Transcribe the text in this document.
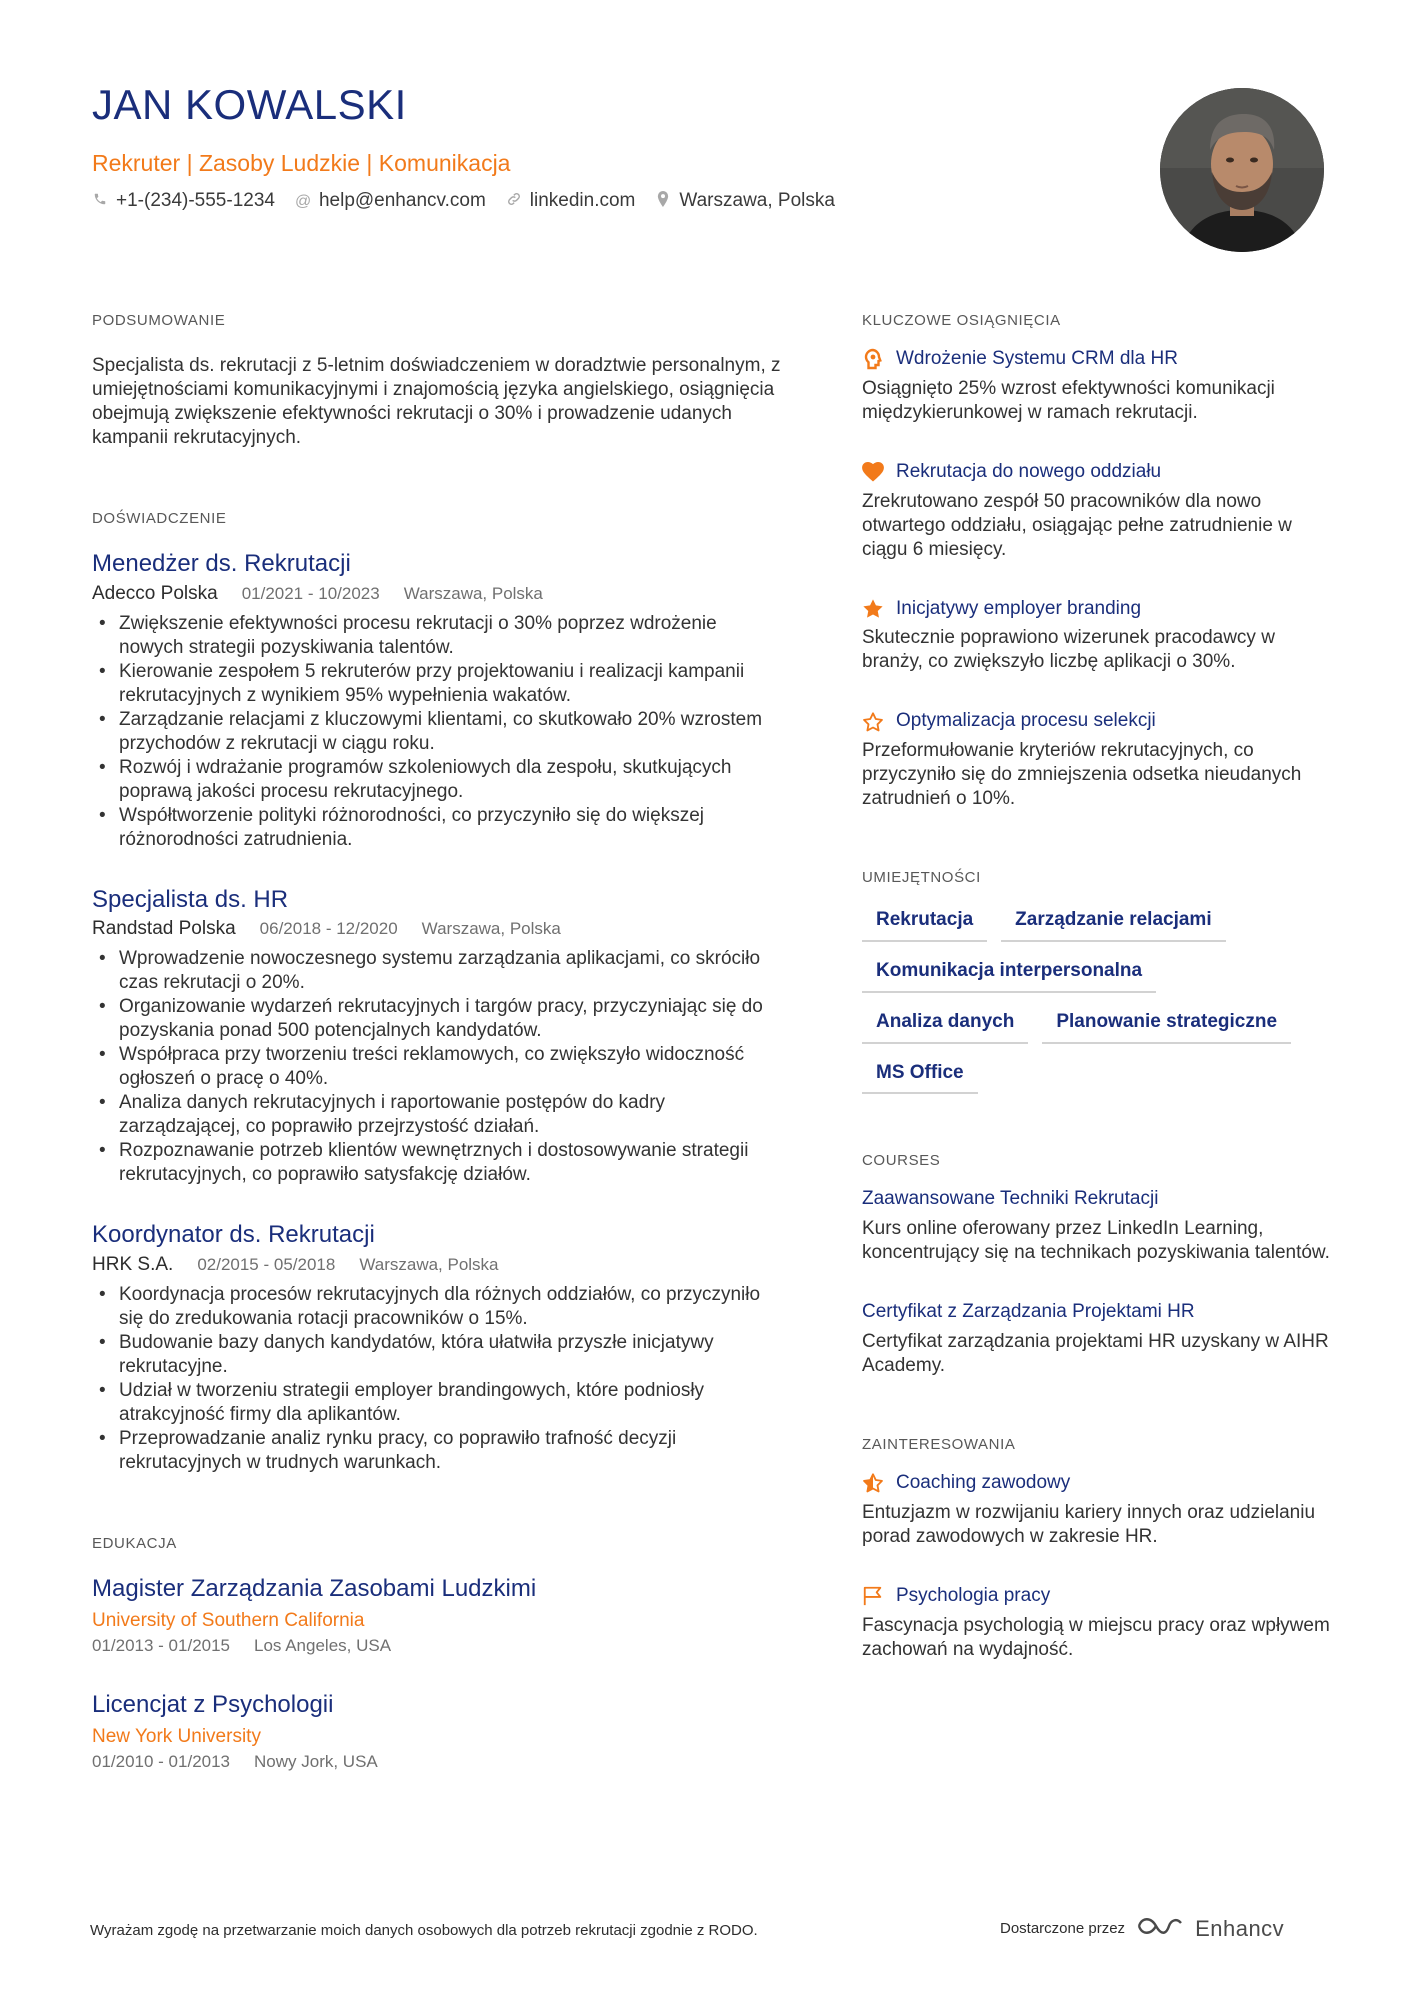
JAN KOWALSKI
Rekruter | Zasoby Ludzkie | Komunikacja
+1-(234)-555-1234 @ help@enhancv.com linkedin.com Warszawa, Polska
PODSUMOWANIE

Specjalista ds. rekrutacji z 5-letnim doświadczeniem w doradztwie personalnym, z umiejętnościami komunikacyjnymi i znajomością języka angielskiego, osiągnięcia obejmują zwiększenie efektywności rekrutacji o 30% i prowadzenie udanych kampanii rekrutacyjnych.

DOŚWIADCZENIE
Menedżer ds. Rekrutacji
Adecco Polska 01/2021 - 10/2023 Warszawa, Polska
• Zwiększenie efektywności procesu rekrutacji o 30% poprzez wdrożenie nowych strategii pozyskiwania talentów.
• Kierowanie zespołem 5 rekruterów przy projektowaniu i realizacji kampanii rekrutacyjnych z wynikiem 95% wypełnienia wakatów.
• Zarządzanie relacjami z kluczowymi klientami, co skutkowało 20% wzrostem przychodów z rekrutacji w ciągu roku.
• Rozwój i wdrażanie programów szkoleniowych dla zespołu, skutkujących poprawą jakości procesu rekrutacyjnego.
• Współtworzenie polityki różnorodności, co przyczyniło się do większej różnorodności zatrudnienia.
Specjalista ds. HR
Randstad Polska 06/2018 - 12/2020 Warszawa, Polska
• Wprowadzenie nowoczesnego systemu zarządzania aplikacjami, co skróciło czas rekrutacji o 20%.
• Organizowanie wydarzeń rekrutacyjnych i targów pracy, przyczyniając się do pozyskania ponad 500 potencjalnych kandydatów.
• Współpraca przy tworzeniu treści reklamowych, co zwiększyło widoczność ogłoszeń o pracę o 40%.
• Analiza danych rekrutacyjnych i raportowanie postępów do kadry zarządzającej, co poprawiło przejrzystość działań.
• Rozpoznawanie potrzeb klientów wewnętrznych i dostosowywanie strategii rekrutacyjnych, co poprawiło satysfakcję działów.
Koordynator ds. Rekrutacji
HRK S.A. 02/2015 - 05/2018 Warszawa, Polska
• Koordynacja procesów rekrutacyjnych dla różnych oddziałów, co przyczyniło się do zredukowania rotacji pracowników o 15%.
• Budowanie bazy danych kandydatów, która ułatwiła przyszłe inicjatywy rekrutacyjne.
• Udział w tworzeniu strategii employer brandingowych, które podniosły atrakcyjność firmy dla aplikantów.
• Przeprowadzanie analiz rynku pracy, co poprawiło trafność decyzji rekrutacyjnych w trudnych warunkach.
EDUKACJA
Magister Zarządzania Zasobami Ludzkimi
University of Southern California
01/2013 - 01/2015 Los Angeles, USA
Licencjat z Psychologii
New York University
01/2010 - 01/2013 Nowy Jork, USA
KLUCZOWE OSIĄGNIĘCIA
Wdrożenie Systemu CRM dla HR

Osiągnięto 25% wzrost efektywności komunikacji międzykierunkowej w ramach rekrutacji.

Rekrutacja do nowego oddziału

Zrekrutowano zespół 50 pracowników dla nowo otwartego oddziału, osiągając pełne zatrudnienie w ciągu 6 miesięcy.

Inicjatywy employer branding

Skutecznie poprawiono wizerunek pracodawcy w branży, co zwiększyło liczbę aplikacji o 30%.

Optymalizacja procesu selekcji

Przeformułowanie kryteriów rekrutacyjnych, co przyczyniło się do zmniejszenia odsetka nieudanych zatrudnień o 10%.

UMIEJĘTNOŚCI
Rekrutacja	Zarządzanie relacjami
Komunikacja interpersonalna
Analiza danych	Planowanie strategiczne
MS Office
COURSES
Zaawansowane Techniki Rekrutacji

Kurs online oferowany przez LinkedIn Learning, koncentrujący się na technikach pozyskiwania talentów.

Certyfikat z Zarządzania Projektami HR

Certyfikat zarządzania projektami HR uzyskany w AIHR Academy.

ZAINTERESOWANIA
Coaching zawodowy

Entuzjazm w rozwijaniu kariery innych oraz udzielaniu porad zawodowych w zakresie HR.

Psychologia pracy

Fascynacja psychologią w miejscu pracy oraz wpływem zachowań na wydajność.

Wyrażam zgodę na przetwarzanie moich danych osobowych dla potrzeb rekrutacji zgodnie z RODO.	Dostarczone przez	Enhancv
